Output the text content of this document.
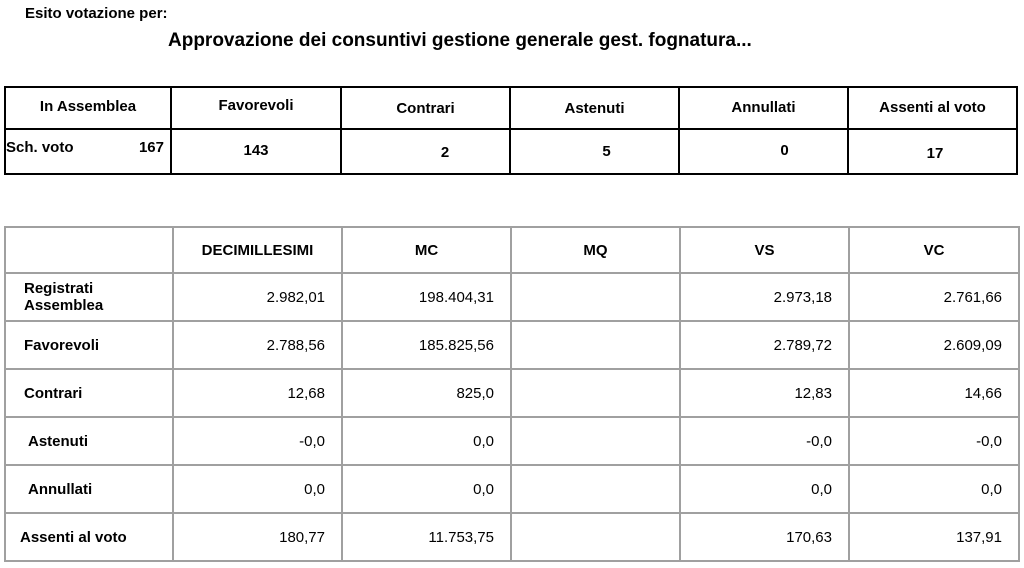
Esito votazione per:
Approvazione dei consuntivi gestione generale gest. fognatura...
In Assemblea	Favorevoli	Contrari	Astenuti	Annullati	Assenti al voto
Sch. voto	167	143	2	5	0	17
	DECIMILLESIMI	MC	MQ	VS	VC
Registrati Assemblea	2.982,01	198.404,31		2.973,18	2.761,66
Favorevoli	2.788,56	185.825,56		2.789,72	2.609,09
Contrari	12,68	825,0		12,83	14,66
Astenuti	-0,0	0,0		-0,0	-0,0
Annullati	0,0	0,0		0,0	0,0
Assenti al voto	180,77	11.753,75		170,63	137,91
